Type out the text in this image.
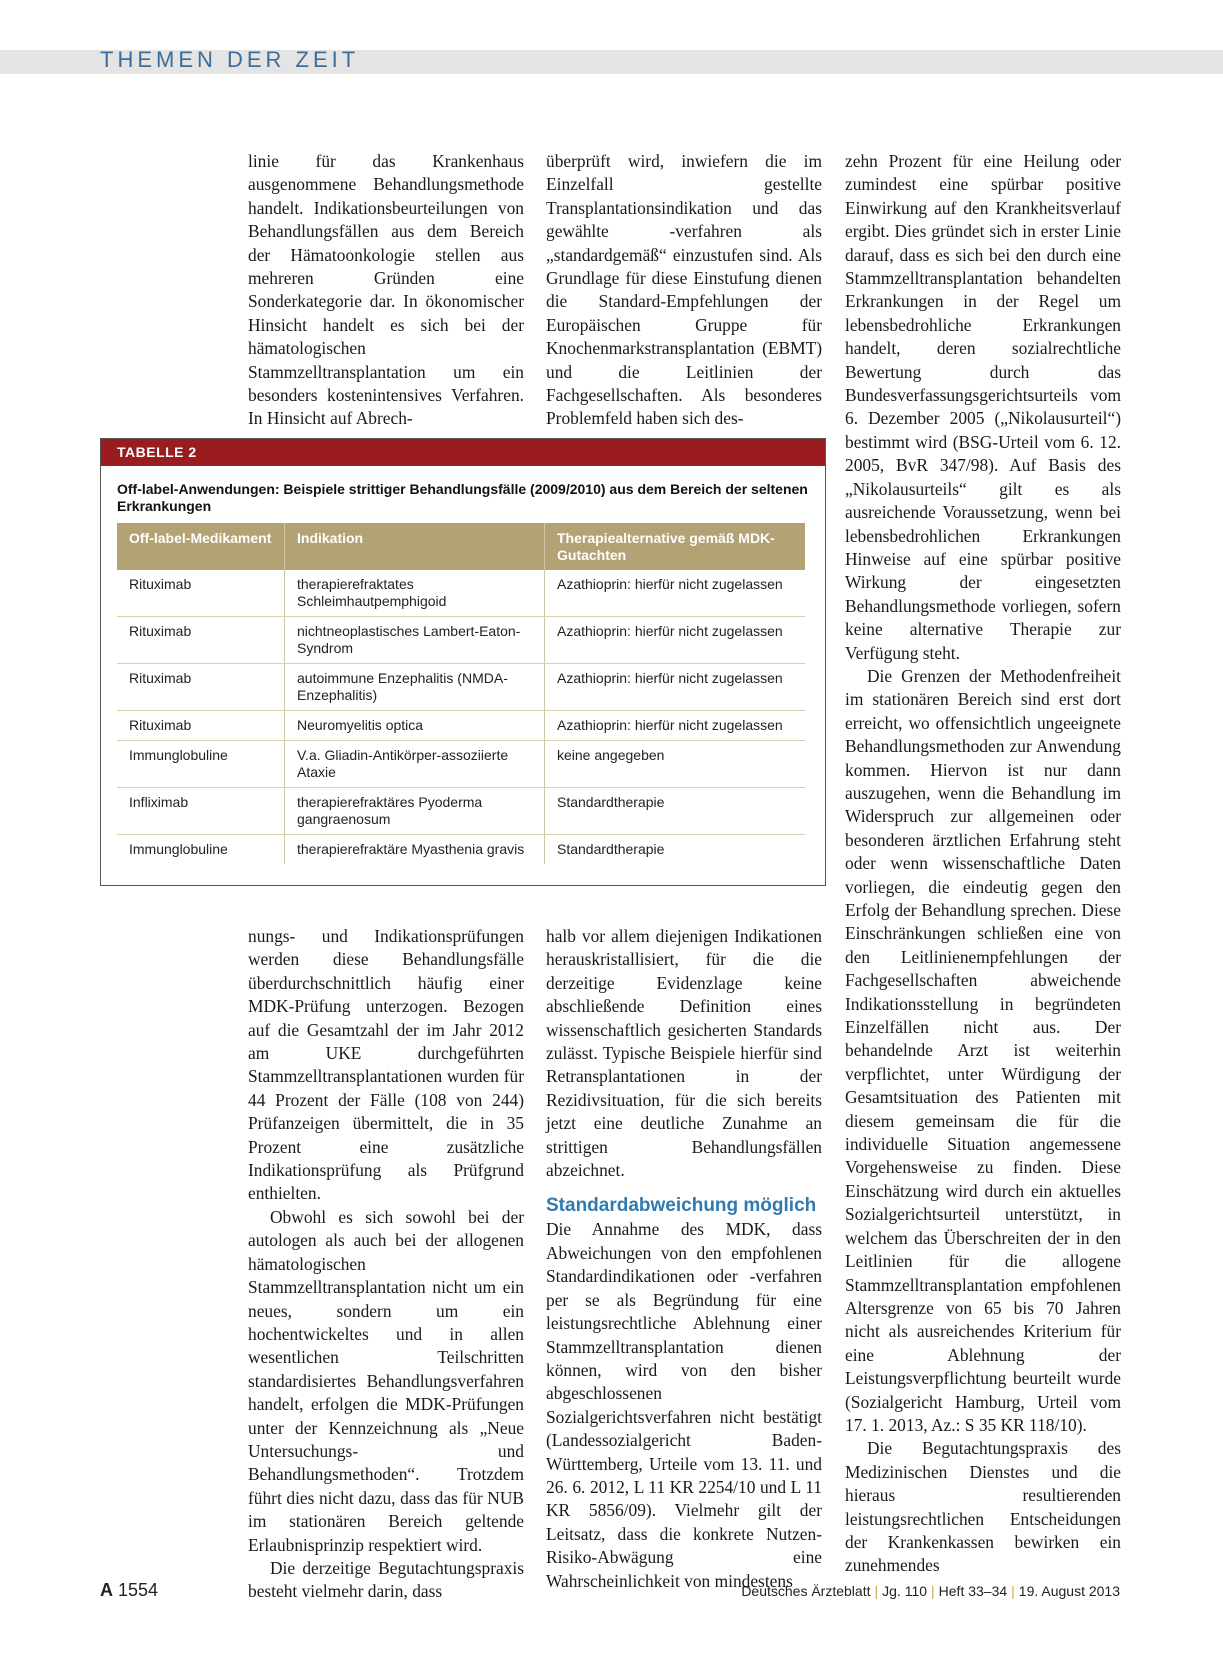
THEMEN DER ZEIT

linie für das Krankenhaus ausgenommene Behandlungsmethode handelt. Indikationsbeurteilungen von Behandlungsfällen aus dem Bereich der Hämatoonkologie stellen aus mehreren Gründen eine Sonderkategorie dar. In ökonomischer Hinsicht handelt es sich bei der hämatologischen Stammzelltransplantation um ein besonders kostenintensives Verfahren. In Hinsicht auf Abrech-

überprüft wird, inwiefern die im Einzelfall gestellte Transplantationsindikation und das gewählte -verfahren als „standardgemäß“ einzustufen sind. Als Grundlage für diese Einstufung dienen die Standard-Empfehlungen der Europäischen Gruppe für Knochenmarkstransplantation (EBMT) und die Leitlinien der Fachgesellschaften. Als besonderes Problemfeld haben sich des-

zehn Prozent für eine Heilung oder zumindest eine spürbar positive Einwirkung auf den Krankheitsverlauf ergibt. Dies gründet sich in erster Linie darauf, dass es sich bei den durch eine Stammzelltransplantation behandelten Erkrankungen in der Regel um lebensbedrohliche Erkrankungen handelt, deren sozialrechtliche Bewertung durch das Bundesverfassungsgerichtsurteils vom 6. Dezember 2005 („Nikolausurteil“) bestimmt wird (BSG-Urteil vom 6. 12. 2005, BvR 347/98). Auf Basis des „Nikolausurteils“ gilt es als ausreichende Voraussetzung, wenn bei lebensbedrohlichen Erkrankungen Hinweise auf eine spürbar positive Wirkung der eingesetzten Behandlungsmethode vorliegen, sofern keine alternative Therapie zur Verfügung steht.

Die Grenzen der Methodenfreiheit im stationären Bereich sind erst dort erreicht, wo offensichtlich ungeeignete Behandlungsmethoden zur Anwendung kommen. Hiervon ist nur dann auszugehen, wenn die Behandlung im Widerspruch zur allgemeinen oder besonderen ärztlichen Erfahrung steht oder wenn wissenschaftliche Daten vorliegen, die eindeutig gegen den Erfolg der Behandlung sprechen. Diese Einschränkungen schließen eine von den Leitlinienempfehlungen der Fachgesellschaften abweichende Indikationsstellung in begründeten Einzelfällen nicht aus. Der behandelnde Arzt ist weiterhin verpflichtet, unter Würdigung der Gesamtsituation des Patienten mit diesem gemeinsam die für die individuelle Situation angemessene Vorgehensweise zu finden. Diese Einschätzung wird durch ein aktuelles Sozialgerichtsurteil unterstützt, in welchem das Überschreiten der in den Leitlinien für die allogene Stammzelltransplantation empfohlenen Altersgrenze von 65 bis 70 Jahren nicht als ausreichendes Kriterium für eine Ablehnung der Leistungsverpflichtung beurteilt wurde (Sozialgericht Hamburg, Urteil vom 17. 1. 2013, Az.: S 35 KR 118/10).

Die Begutachtungspraxis des Medizinischen Dienstes und die hieraus resultierenden leistungsrechtlichen Entscheidungen der Krankenkassen bewirken ein zunehmendes

TABELLE 2
Off-label-Anwendungen: Beispiele strittiger Behandlungsfälle (2009/2010) aus dem Bereich der seltenen Erkrankungen
Off-label-Medikament	Indikation	Therapiealternative gemäß MDK-Gutachten
Rituximab	therapierefraktates Schleimhautpemphigoid	Azathioprin: hierfür nicht zugelassen
Rituximab	nichtneoplastisches Lambert-Eaton-Syndrom	Azathioprin: hierfür nicht zugelassen
Rituximab	autoimmune Enzephalitis (NMDA-Enzephalitis)	Azathioprin: hierfür nicht zugelassen
Rituximab	Neuromyelitis optica	Azathioprin: hierfür nicht zugelassen
Immunglobuline	V.a. Gliadin-Antikörper-assoziierte Ataxie	keine angegeben
Infliximab	therapierefraktäres Pyoderma gangraenosum	Standardtherapie
Immunglobuline	therapierefraktäre Myasthenia gravis	Standardtherapie

nungs- und Indikationsprüfungen werden diese Behandlungsfälle überdurchschnittlich häufig einer MDK-Prüfung unterzogen. Bezogen auf die Gesamtzahl der im Jahr 2012 am UKE durchgeführten Stammzelltransplantationen wurden für 44 Prozent der Fälle (108 von 244) Prüfanzeigen übermittelt, die in 35 Prozent eine zusätzliche Indikationsprüfung als Prüfgrund enthielten.

Obwohl es sich sowohl bei der autologen als auch bei der allogenen hämatologischen Stammzelltransplantation nicht um ein neues, sondern um ein hochentwickeltes und in allen wesentlichen Teilschritten standardisiertes Behandlungsverfahren handelt, erfolgen die MDK-Prüfungen unter der Kennzeichnung als „Neue Untersuchungs- und Behandlungsmethoden“. Trotzdem führt dies nicht dazu, dass das für NUB im stationären Bereich geltende Erlaubnisprinzip respektiert wird.

Die derzeitige Begutachtungspraxis besteht vielmehr darin, dass

halb vor allem diejenigen Indikationen herauskristallisiert, für die die derzeitige Evidenzlage keine abschließende Definition eines wissenschaftlich gesicherten Standards zulässt. Typische Beispiele hierfür sind Retransplantationen in der Rezidivsituation, für die sich bereits jetzt eine deutliche Zunahme an strittigen Behandlungsfällen abzeichnet.

Standardabweichung möglich

Die Annahme des MDK, dass Abweichungen von den empfohlenen Standardindikationen oder -verfahren per se als Begründung für eine leistungsrechtliche Ablehnung einer Stammzelltransplantation dienen können, wird von den bisher abgeschlossenen Sozialgerichtsverfahren nicht bestätigt (Landessozialgericht Baden-Württemberg, Urteile vom 13. 11. und 26. 6. 2012, L 11 KR 2254/10 und L 11 KR 5856/09). Vielmehr gilt der Leitsatz, dass die konkrete Nutzen-Risiko-Abwägung eine Wahrscheinlichkeit von mindestens

A 1554	Deutsches Ärzteblatt | Jg. 110 | Heft 33–34 | 19. August 2013
